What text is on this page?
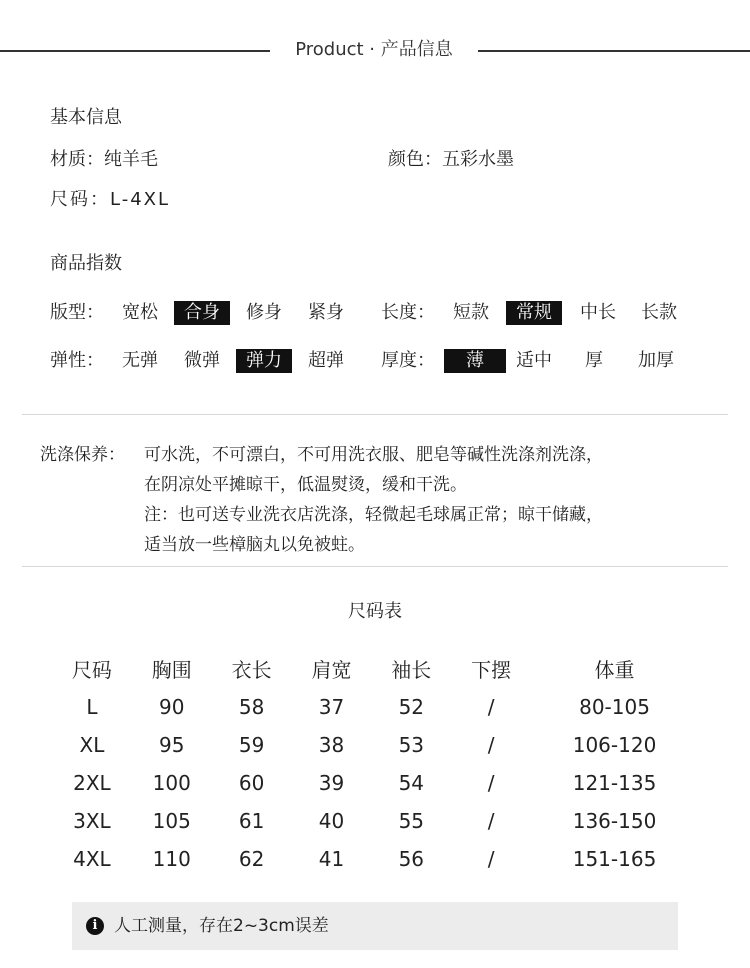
Product · 产品信息
基本信息
材质：纯羊毛	颜色：五彩水墨
尺码：L-4XL
商品指数
版型： 宽松	合身	修身 紧身 长度： 短款	常规	中长 长款
弹性： 无弹 微弹	弹力	超弹 厚度：	薄	适中 厚 加厚
洗涤保养： 可水洗，不可漂白，不可用洗衣服、肥皂等碱性洗涤剂洗涤，
在阴凉处平摊晾干，低温熨烫，缓和干洗。
注：也可送专业洗衣店洗涤，轻微起毛球属正常；晾干储藏，
适当放一些樟脑丸以免被蛀。
尺码表
尺码	胸围	衣长	肩宽	袖长	下摆	体重
L	90	58	37	52	/	80-105
XL	95	59	38	53	/	106-120
2XL	100	60	39	54	/	121-135
3XL	105	61	40	55	/	136-150
4XL	110	62	41	56	/	151-165
i 人工测量，存在2~3cm误差
